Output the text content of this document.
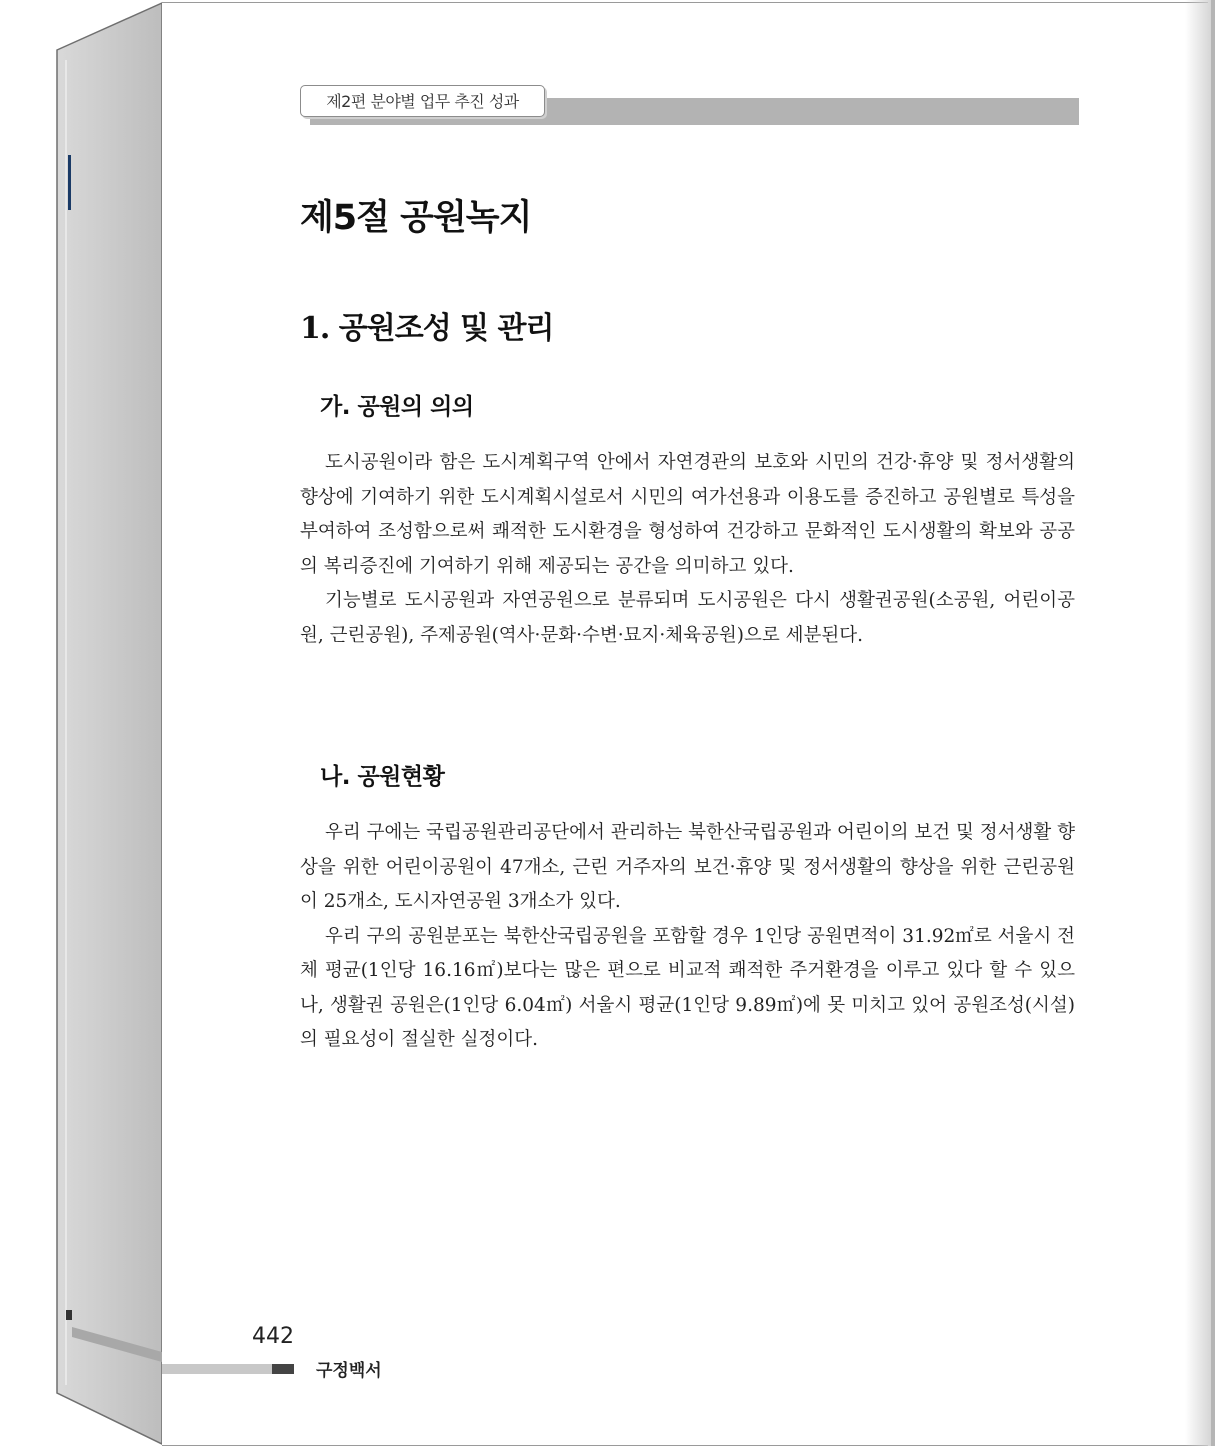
제2편 분야별 업무 추진 성과
제5절 공원녹지
1. 공원조성 및 관리
가. 공원의 의의

도시공원이라 함은 도시계획구역 안에서 자연경관의 보호와 시민의 건강·휴양 및 정서생활의 향상에 기여하기 위한 도시계획시설로서 시민의 여가선용과 이용도를 증진하고 공원별로 특성을 부여하여 조성함으로써 쾌적한 도시환경을 형성하여 건강하고 문화적인 도시생활의 확보와 공공의 복리증진에 기여하기 위해 제공되는 공간을 의미하고 있다.

기능별로 도시공원과 자연공원으로 분류되며 도시공원은 다시 생활권공원(소공원, 어린이공원, 근린공원), 주제공원(역사·문화·수변·묘지·체육공원)으로 세분된다.

나. 공원현황

우리 구에는 국립공원관리공단에서 관리하는 북한산국립공원과 어린이의 보건 및 정서생활 향상을 위한 어린이공원이 47개소, 근린 거주자의 보건·휴양 및 정서생활의 향상을 위한 근린공원이 25개소, 도시자연공원 3개소가 있다.

우리 구의 공원분포는 북한산국립공원을 포함할 경우 1인당 공원면적이 31.92㎡로 서울시 전체 평균(1인당 16.16㎡)보다는 많은 편으로 비교적 쾌적한 주거환경을 이루고 있다 할 수 있으나, 생활권 공원은(1인당 6.04㎡) 서울시 평균(1인당 9.89㎡)에 못 미치고 있어 공원조성(시설)의 필요성이 절실한 실정이다.

442
구정백서
